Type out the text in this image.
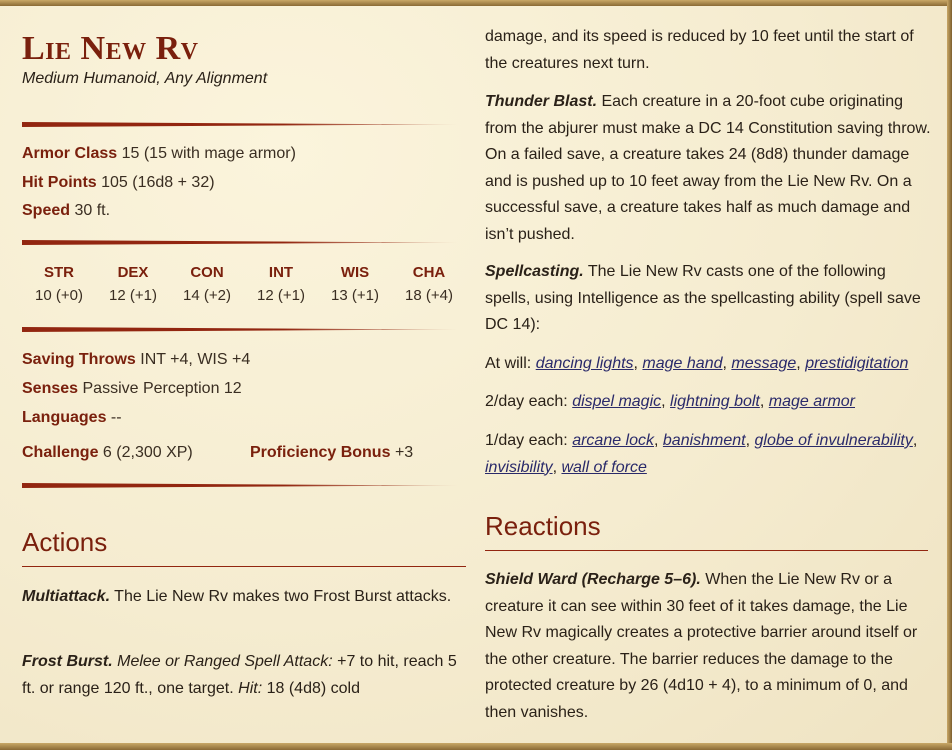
Lie New Rv
Medium Humanoid, Any Alignment
Armor Class 15 (15 with mage armor)
Hit Points 105 (16d8 + 32)
Speed 30 ft.
STR
10 (+0)
DEX
12 (+1)
CON
14 (+2)
INT
12 (+1)
WIS
13 (+1)
CHA
18 (+4)
Saving Throws INT +4, WIS +4
Senses Passive Perception 12
Languages --
Challenge 6 (2,300 XP)	Proficiency Bonus +3
Actions
Multiattack. The Lie New Rv makes two Frost Burst attacks.
Frost Burst. Melee or Ranged Spell Attack: +7 to hit, reach 5 ft. or range 120 ft., one target. Hit: 18 (4d8) cold
damage, and its speed is reduced by 10 feet until the start of the creatures next turn.
Thunder Blast. Each creature in a 20-foot cube originating from the abjurer must make a DC 14 Constitution saving throw. On a failed save, a creature takes 24 (8d8) thunder damage and is pushed up to 10 feet away from the Lie New Rv. On a successful save, a creature takes half as much damage and isn’t pushed.
Spellcasting. The Lie New Rv casts one of the following spells, using Intelligence as the spellcasting ability (spell save DC 14):
At will: dancing lights, mage hand, message, prestidigitation
2/day each: dispel magic, lightning bolt, mage armor
1/day each: arcane lock, banishment, globe of invulnerability, invisibility, wall of force
Reactions
Shield Ward (Recharge 5–6). When the Lie New Rv or a creature it can see within 30 feet of it takes damage, the Lie New Rv magically creates a protective barrier around itself or the other creature. The barrier reduces the damage to the protected creature by 26 (4d10 + 4), to a minimum of 0, and then vanishes.
